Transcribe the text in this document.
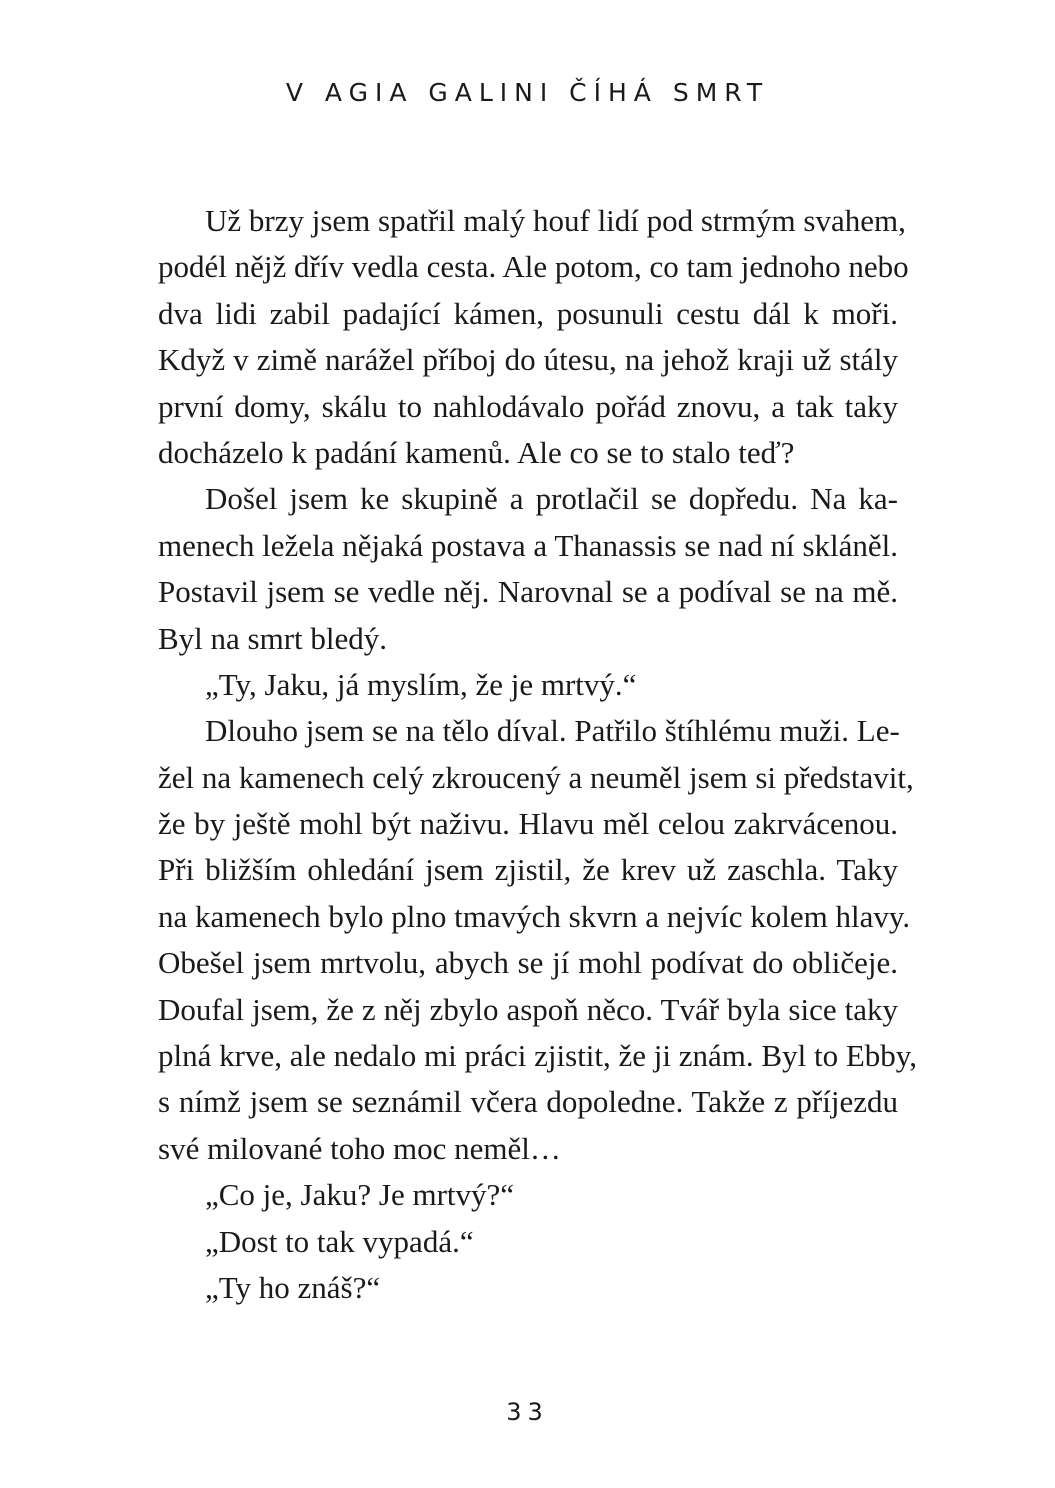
V AGIA GALINI ČÍHÁ SMRT
Už brzy jsem spatřil malý houf lidí pod strmým svahem,
podél nějž dřív vedla cesta. Ale potom, co tam jednoho nebo
dva lidi zabil padající kámen, posunuli cestu dál k moři.
Když v zimě narážel příboj do útesu, na jehož kraji už stály
první domy, skálu to nahlodávalo pořád znovu, a tak taky
docházelo k padání kamenů. Ale co se to stalo teď?
Došel jsem ke skupině a protlačil se dopředu. Na ka-
menech ležela nějaká postava a Thanassis se nad ní skláněl.
Postavil jsem se vedle něj. Narovnal se a podíval se na mě.
Byl na smrt bledý.
„Ty, Jaku, já myslím, že je mrtvý.“
Dlouho jsem se na tělo díval. Patřilo štíhlému muži. Le-
žel na kamenech celý zkroucený a neuměl jsem si představit,
že by ještě mohl být naživu. Hlavu měl celou zakrvácenou.
Při bližším ohledání jsem zjistil, že krev už zaschla. Taky
na kamenech bylo plno tmavých skvrn a nejvíc kolem hlavy.
Obešel jsem mrtvolu, abych se jí mohl podívat do obličeje.
Doufal jsem, že z něj zbylo aspoň něco. Tvář byla sice taky
plná krve, ale nedalo mi práci zjistit, že ji znám. Byl to Ebby,
s nímž jsem se seznámil včera dopoledne. Takže z příjezdu
své milované toho moc neměl…
„Co je, Jaku? Je mrtvý?“
„Dost to tak vypadá.“
„Ty ho znáš?“
33
